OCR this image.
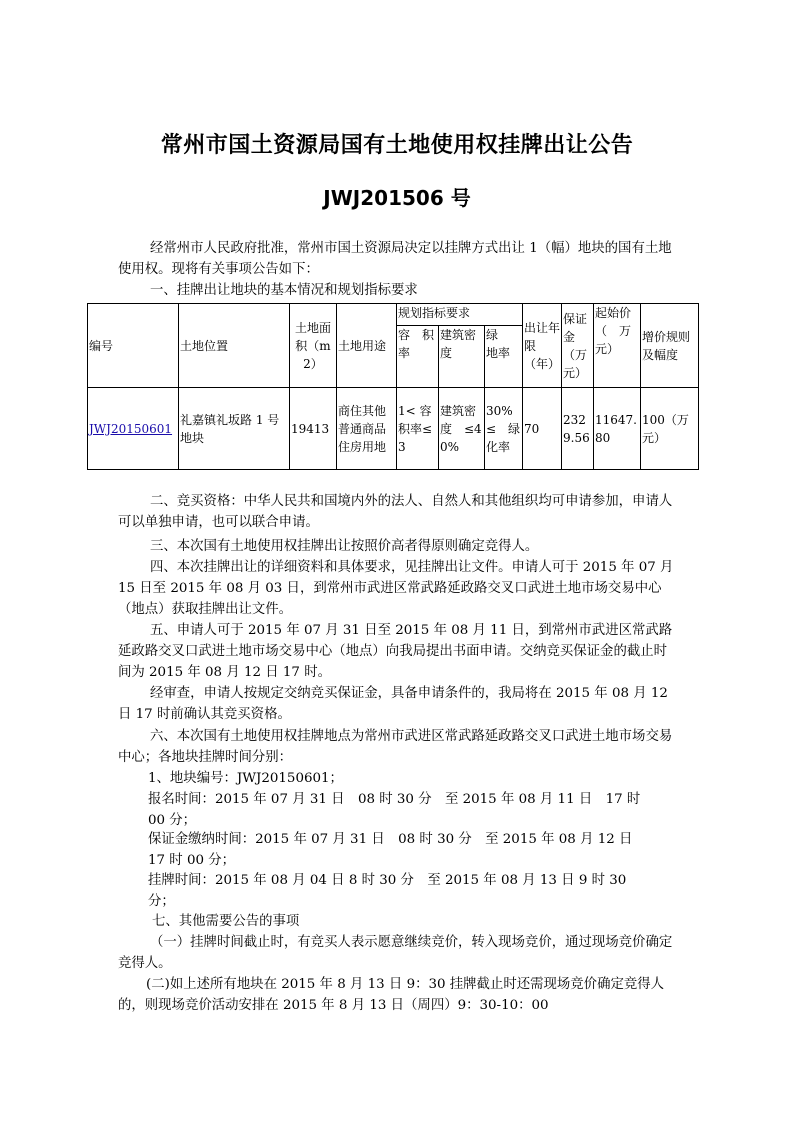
常州市国土资源局国有土地使用权挂牌出让公告
JWJ201506 号
经常州市人民政府批准，常州市国土资源局决定以挂牌方式出让 1（幅）地块的国有土地使用权。现将有关事项公告如下：
一、挂牌出让地块的基本情况和规划指标要求
编号	土地位置	土地面积（m2）	土地用途	规划指标要求			出让年限（年）	保证金（万元）	起始价（　万元）	增价规则及幅度
				容　积率	建筑密度	绿　地率				
JWJ20150601	礼嘉镇礼坂路 1 号地块	19413	商住其他普通商品住房用地	1< 容积率≤3	建筑密度　≤40%	30%≤　绿化率	70	2329.56	11647.80	100（万元）
二、竞买资格：中华人民共和国境内外的法人、自然人和其他组织均可申请参加，申请人可以单独申请，也可以联合申请。
三、本次国有土地使用权挂牌出让按照价高者得原则确定竞得人。
四、本次挂牌出让的详细资料和具体要求，见挂牌出让文件。申请人可于 2015 年 07 月 15 日至 2015 年 08 月 03 日，到常州市武进区常武路延政路交叉口武进土地市场交易中心（地点）获取挂牌出让文件。
五、申请人可于 2015 年 07 月 31 日至 2015 年 08 月 11 日，到常州市武进区常武路延政路交叉口武进土地市场交易中心（地点）向我局提出书面申请。交纳竞买保证金的截止时间为 2015 年 08 月 12 日 17 时。
经审查，申请人按规定交纳竞买保证金，具备申请条件的，我局将在 2015 年 08 月 12 日 17 时前确认其竞买资格。
六、本次国有土地使用权挂牌地点为常州市武进区常武路延政路交叉口武进土地市场交易中心；各地块挂牌时间分别：
1、地块编号：JWJ20150601；
报名时间：2015 年 07 月 31 日　08 时 30 分　至 2015 年 08 月 11 日　17 时 00 分；
保证金缴纳时间：2015 年 07 月 31 日　08 时 30 分　至 2015 年 08 月 12 日　17 时 00 分；
挂牌时间：2015 年 08 月 04 日 8 时 30 分　至 2015 年 08 月 13 日 9 时 30 分；
七、其他需要公告的事项
（一）挂牌时间截止时，有竞买人表示愿意继续竞价，转入现场竞价，通过现场竞价确定竞得人。
(二)如上述所有地块在 2015 年 8 月 13 日 9：30 挂牌截止时还需现场竞价确定竞得人的，则现场竞价活动安排在 2015 年 8 月 13 日（周四）9：30-10：00
